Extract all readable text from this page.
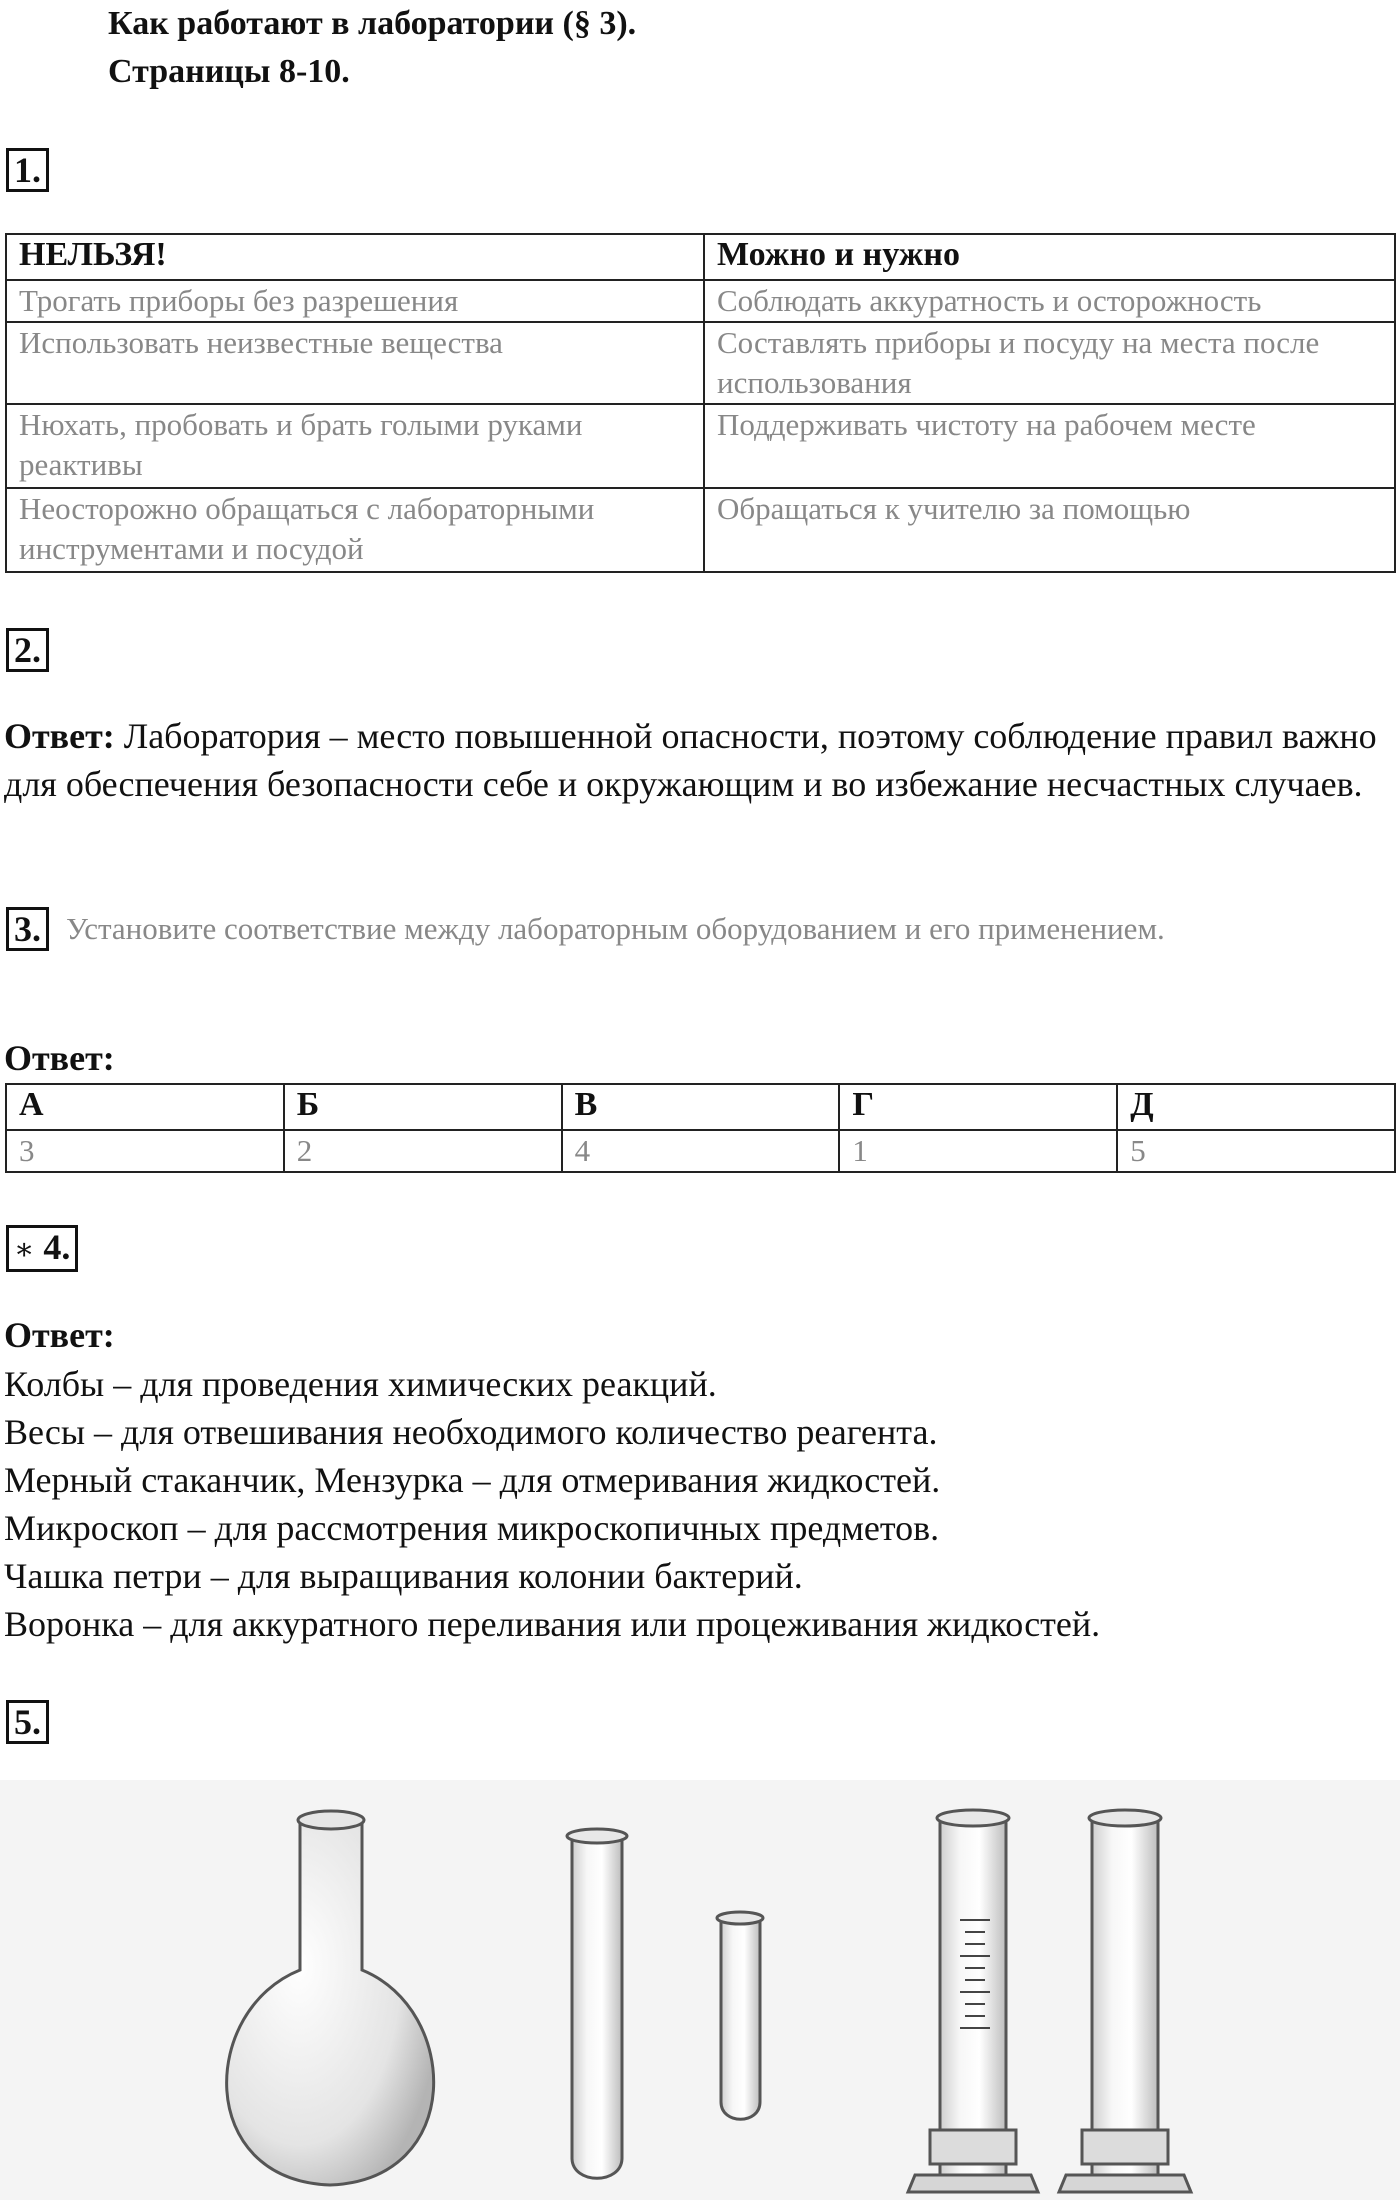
Как работают в лаборатории (§ 3).
Страницы 8-10.
1.
НЕЛЬЗЯ!	Можно и нужно
Трогать приборы без разрешения	Соблюдать аккуратность и осторожность
Использовать неизвестные вещества	Составлять приборы и посуду на места после использования
Нюхать, пробовать и брать голыми руками реактивы	Поддерживать чистоту на рабочем месте
Неосторожно обращаться с лабораторными инструментами и посудой	Обращаться к учителю за помощью
2.
Ответ: Лаборатория – место повышенной опасности, поэтому соблюдение правил важно для обеспечения безопасности себе и окружающим и во избежание несчастных случаев.
3. Установите соответствие между лабораторным оборудованием и его применением.
Ответ:
А	Б	В	Г	Д
3	2	4	1	5
∗ 4.
Ответ:
Колбы – для проведения химических реакций.
Весы – для отвешивания необходимого количество реагента.
Мерный стаканчик, Мензурка – для отмеривания жидкостей.
Микроскоп – для рассмотрения микроскопичных предметов.
Чашка петри – для выращивания колонии бактерий.
Воронка – для аккуратного переливания или процеживания жидкостей.
5.
